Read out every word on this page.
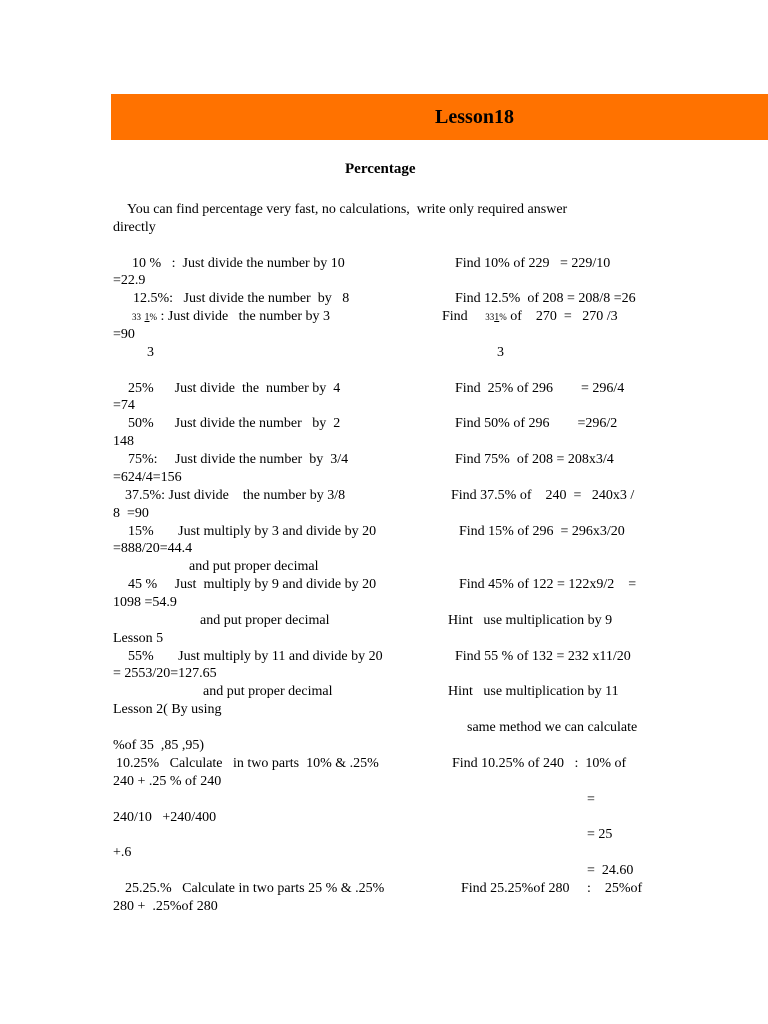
Lesson18
Percentage
You can find percentage very fast, no calculations,  write only required answer
directly
10 %   :  Just divide the number by 10	Find 10% of 229   = 229/10
=22.9
12.5%:   Just divide the number  by   8	Find 12.5%  of 208 = 208/8 =26
33 1% : Just divide   the number by 3	Find 331% of    270  =   270 /3
=90
3	3
25%      Just divide  the  number by  4	Find  25% of 296        = 296/4
=74
50%      Just divide the number   by  2	Find 50% of 296        =296/2
148
75%:     Just divide the number  by  3/4	Find 75%  of 208 = 208x3/4
=624/4=156
37.5%: Just divide    the number by 3/8	Find 37.5% of    240  =   240x3 /
8  =90
15%       Just multiply by 3 and divide by 20	Find 15% of 296  = 296x3/20
=888/20=44.4
and put proper decimal
45 %     Just  multiply by 9 and divide by 20	Find 45% of 122 = 122x9/2    =
1098 =54.9
and put proper decimal	Hint   use multiplication by 9
Lesson 5
55%       Just multiply by 11 and divide by 20	Find 55 % of 132 = 232 x11/20
= 2553/20=127.65
and put proper decimal	Hint   use multiplication by 11
Lesson 2( By using
same method we can calculate
%of 35  ,85 ,95)
10.25%   Calculate   in two parts  10% & .25%	Find 10.25% of 240   :  10% of
240 + .25 % of 240
=
240/10   +240/400
= 25
+.6
=  24.60
25.25.%   Calculate in two parts 25 % & .25%	Find 25.25%of 280     :    25%of
280 +  .25%of 280
